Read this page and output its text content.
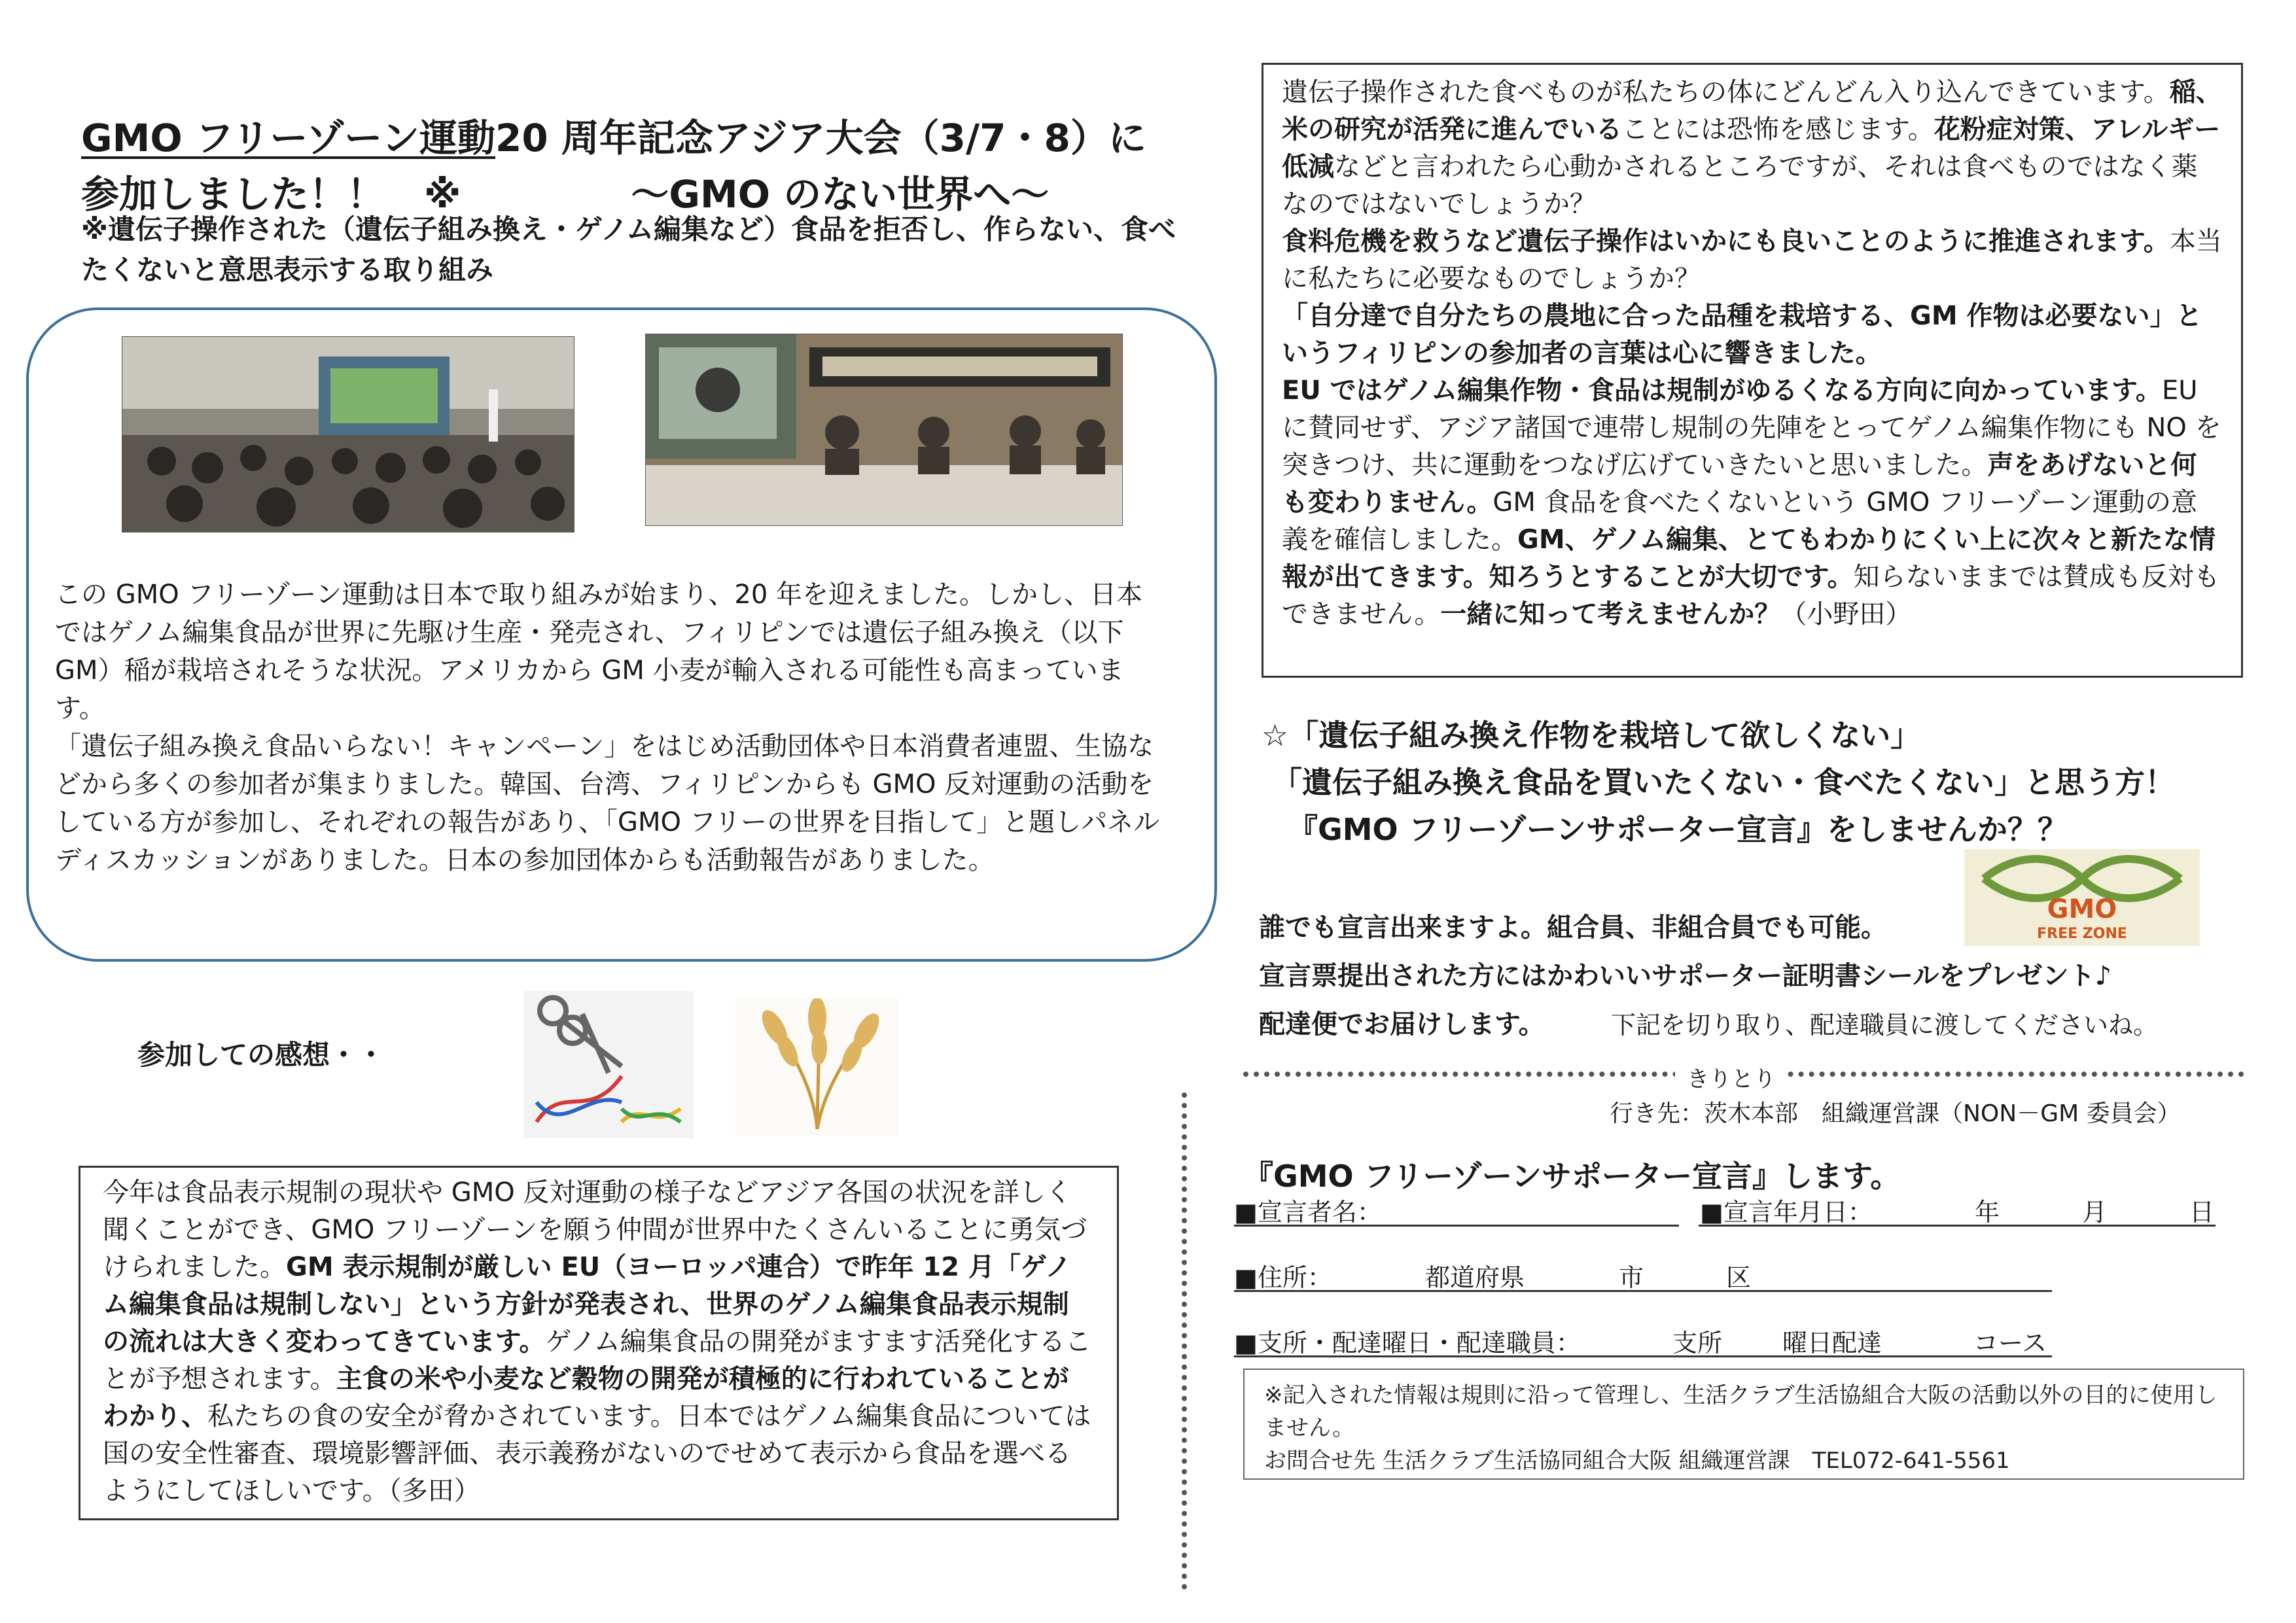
GMO フリーゾーン運動20 周年記念アジア大会（3/7・8）に
参加しました！！ ※	～GMO のない世界へ～
※遺伝子操作された（遺伝子組み換え・ゲノム編集など）食品を拒否し、作らない、食べたくないと意思表示する取り組み

この GMO フリーゾーン運動は日本で取り組みが始まり、20 年を迎えました。しかし、日本ではゲノム編集食品が世界に先駆け生産・発売され、フィリピンでは遺伝子組み換え（以下 GM）稲が栽培されそうな状況。アメリカから GM 小麦が輸入される可能性も高まっています。

「遺伝子組み換え食品いらない！キャンペーン」をはじめ活動団体や日本消費者連盟、生協などから多くの参加者が集まりました。韓国、台湾、フィリピンからも GMO 反対運動の活動をしている方が参加し、それぞれの報告があり、「GMO フリーの世界を目指して」と題しパネルディスカッションがありました。日本の参加団体からも活動報告がありました。

参加しての感想・・

今年は食品表示規制の現状や GMO 反対運動の様子などアジア各国の状況を詳しく聞くことができ、GMO フリーゾーンを願う仲間が世界中たくさんいることに勇気づけられました。GM 表示規制が厳しい EU（ヨーロッパ連合）で昨年 12 月「ゲノム編集食品は規制しない」という方針が発表され、世界のゲノム編集食品表示規制の流れは大きく変わってきています。ゲノム編集食品の開発がますます活発化することが予想されます。主食の米や小麦など穀物の開発が積極的に行われていることがわかり、私たちの食の安全が脅かされています。日本ではゲノム編集食品については国の安全性審査、環境影響評価、表示義務がないのでせめて表示から食品を選べるようにしてほしいです。（多田）

遺伝子操作された食べものが私たちの体にどんどん入り込んできています。稲、米の研究が活発に進んでいることには恐怖を感じます。花粉症対策、アレルギー低減などと言われたら心動かされるところですが、それは食べものではなく薬なのではないでしょうか？
食料危機を救うなど遺伝子操作はいかにも良いことのように推進されます。本当に私たちに必要なものでしょうか？
「自分達で自分たちの農地に合った品種を栽培する、GM 作物は必要ない」というフィリピンの参加者の言葉は心に響きました。
EU ではゲノム編集作物・食品は規制がゆるくなる方向に向かっています。EU に賛同せず、アジア諸国で連帯し規制の先陣をとってゲノム編集作物にも NO を突きつけ、共に運動をつなげ広げていきたいと思いました。声をあげないと何も変わりません。GM 食品を食べたくないという GMO フリーゾーン運動の意義を確信しました。GM、ゲノム編集、とてもわかりにくい上に次々と新たな情報が出てきます。知ろうとすることが大切です。知らないままでは賛成も反対もできません。一緒に知って考えませんか？（小野田）

☆「遺伝子組み換え作物を栽培して欲しくない」
「遺伝子組み換え食品を買いたくない・食べたくない」と思う方！
『GMO フリーゾーンサポーター宣言』をしませんか？？
GMO
FREE ZONE
誰でも宣言出来ますよ。組合員、非組合員でも可能。
宣言票提出された方にはかわいいサポーター証明書シールをプレゼント♪
配達便でお届けします。	下記を切り取り、配達職員に渡してくださいね。
きりとり
行き先：茨木本部　組織運営課（NON－GM 委員会）
『GMO フリーゾーンサポーター宣言』します。
■宣言者名：	■宣言年月日：	年	月	日
■住所：	都道府県	市	区
■支所・配達曜日・配達職員：	支所 曜日配達	コース
※記入された情報は規則に沿って管理し、生活クラブ生活協組合大阪の活動以外の目的に使用しません。
お問合せ先 生活クラブ生活協同組合大阪 組織運営課　TEL072-641-5561
